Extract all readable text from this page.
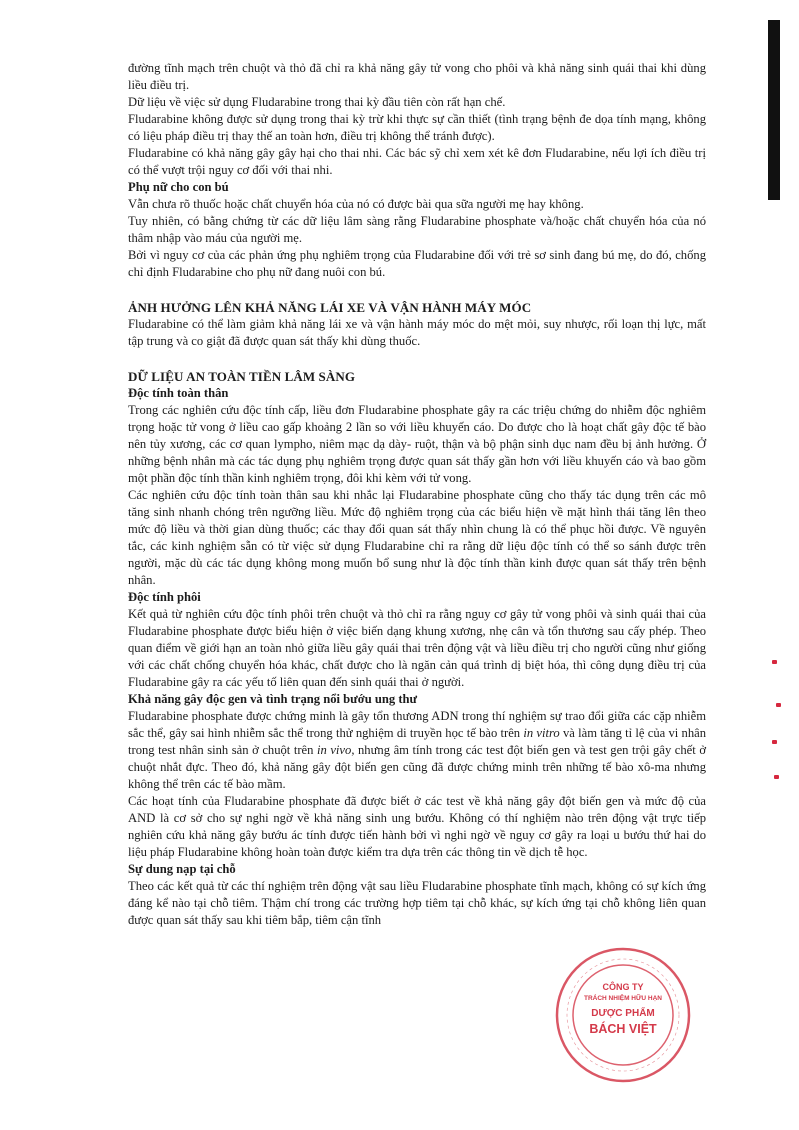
đường tĩnh mạch trên chuột và thỏ đã chỉ ra khả năng gây tử vong cho phôi và khả năng sinh quái thai khi dùng liều điều trị.

Dữ liệu về việc sử dụng Fludarabine trong thai kỳ đầu tiên còn rất hạn chế.

Fludarabine không được sử dụng trong thai kỳ trừ khi thực sự cần thiết (tình trạng bệnh đe dọa tính mạng, không có liệu pháp điều trị thay thế an toàn hơn, điều trị không thể tránh được).

Fludarabine có khả năng gây gây hại cho thai nhi. Các bác sỹ chỉ xem xét kê đơn Fludarabine, nếu lợi ích điều trị có thể vượt trội nguy cơ đối với thai nhi.

Phụ nữ cho con bú

Vẫn chưa rõ thuốc hoặc chất chuyển hóa của nó có được bài qua sữa người mẹ hay không.

Tuy nhiên, có bằng chứng từ các dữ liệu lâm sàng rằng Fludarabine phosphate và/hoặc chất chuyển hóa của nó thâm nhập vào máu của người mẹ.

Bởi vì nguy cơ của các phản ứng phụ nghiêm trọng của Fludarabine đối với trẻ sơ sinh đang bú mẹ, do đó, chống chỉ định Fludarabine cho phụ nữ đang nuôi con bú.

ẢNH HƯỞNG LÊN KHẢ NĂNG LÁI XE VÀ VẬN HÀNH MÁY MÓC

Fludarabine có thể làm giảm khả năng lái xe và vận hành máy móc do mệt mỏi, suy nhược, rối loạn thị lực, mất tập trung và co giật đã được quan sát thấy khi dùng thuốc.

DỮ LIỆU AN TOÀN TIỀN LÂM SÀNG

Độc tính toàn thân

Trong các nghiên cứu độc tính cấp, liều đơn Fludarabine phosphate gây ra các triệu chứng do nhiễm độc nghiêm trọng hoặc tử vong ở liều cao gấp khoảng 2 lần so với liều khuyến cáo. Do được cho là hoạt chất gây độc tế bào nên tủy xương, các cơ quan lympho, niêm mạc dạ dày- ruột, thận và bộ phận sinh dục nam đều bị ảnh hưởng. Ở những bệnh nhân mà các tác dụng phụ nghiêm trọng được quan sát thấy gần hơn với liều khuyến cáo và bao gồm một phần độc tính thần kinh nghiêm trọng, đôi khi kèm với tử vong.

Các nghiên cứu độc tính toàn thân sau khi nhắc lại Fludarabine phosphate cũng cho thấy tác dụng trên các mô tăng sinh nhanh chóng trên ngưỡng liều. Mức độ nghiêm trọng của các biểu hiện về mặt hình thái tăng lên theo mức độ liều và thời gian dùng thuốc; các thay đổi quan sát thấy nhìn chung là có thể phục hồi được. Về nguyên tắc, các kinh nghiệm sẵn có từ việc sử dụng Fludarabine chỉ ra rằng dữ liệu độc tính có thể so sánh được trên người, mặc dù các tác dụng không mong muốn bổ sung như là độc tính thần kinh được quan sát thấy trên bệnh nhân.

Độc tính phôi

Kết quả từ nghiên cứu độc tính phôi trên chuột và thỏ chỉ ra rằng nguy cơ gây tử vong phôi và sinh quái thai của Fludarabine phosphate được biểu hiện ở việc biến dạng khung xương, nhẹ cân và tổn thương sau cấy phép. Theo quan điểm về giới hạn an toàn nhỏ giữa liều gây quái thai trên động vật và liều điều trị cho người cũng như giống với các chất chống chuyển hóa khác, chất được cho là ngăn cản quá trình dị biệt hóa, thì công dụng điều trị của Fludarabine gây ra các yếu tố liên quan đến sinh quái thai ở người.

Khả năng gây độc gen và tình trạng nổi bướu ung thư

Fludarabine phosphate được chứng minh là gây tổn thương ADN trong thí nghiệm sự trao đổi giữa các cặp nhiễm sắc thể, gây sai hình nhiễm sắc thể trong thử nghiệm di truyền học tế bào trên in vitro và làm tăng tỉ lệ của vi nhân trong test nhân sinh sản ở chuột trên in vivo, nhưng âm tính trong các test đột biến gen và test gen trội gây chết ở chuột nhắt đực. Theo đó, khả năng gây đột biến gen cũng đã được chứng minh trên những tế bào xô-ma nhưng không thể trên các tế bào mầm.

Các hoạt tính của Fludarabine phosphate đã được biết ở các test về khả năng gây đột biến gen và mức độ của AND là cơ sở cho sự nghi ngờ về khả năng sinh ung bướu. Không có thí nghiệm nào trên động vật trực tiếp nghiên cứu khả năng gây bướu ác tính được tiến hành bởi vì nghi ngờ về nguy cơ gây ra loại u bướu thứ hai do liệu pháp Fludarabine không hoàn toàn được kiểm tra dựa trên các thông tin về dịch tễ học.

Sự dung nạp tại chỗ

Theo các kết quả từ các thí nghiệm trên động vật sau liều Fludarabine phosphate tĩnh mạch, không có sự kích ứng đáng kể nào tại chỗ tiêm. Thậm chí trong các trường hợp tiêm tại chỗ khác, sự kích ứng tại chỗ không liên quan được quan sát thấy sau khi tiêm bắp, tiêm cận tĩnh

CÔNG TY
TRÁCH NHIỆM HỮU HẠN
DƯỢC PHẨM
BÁCH VIỆT
